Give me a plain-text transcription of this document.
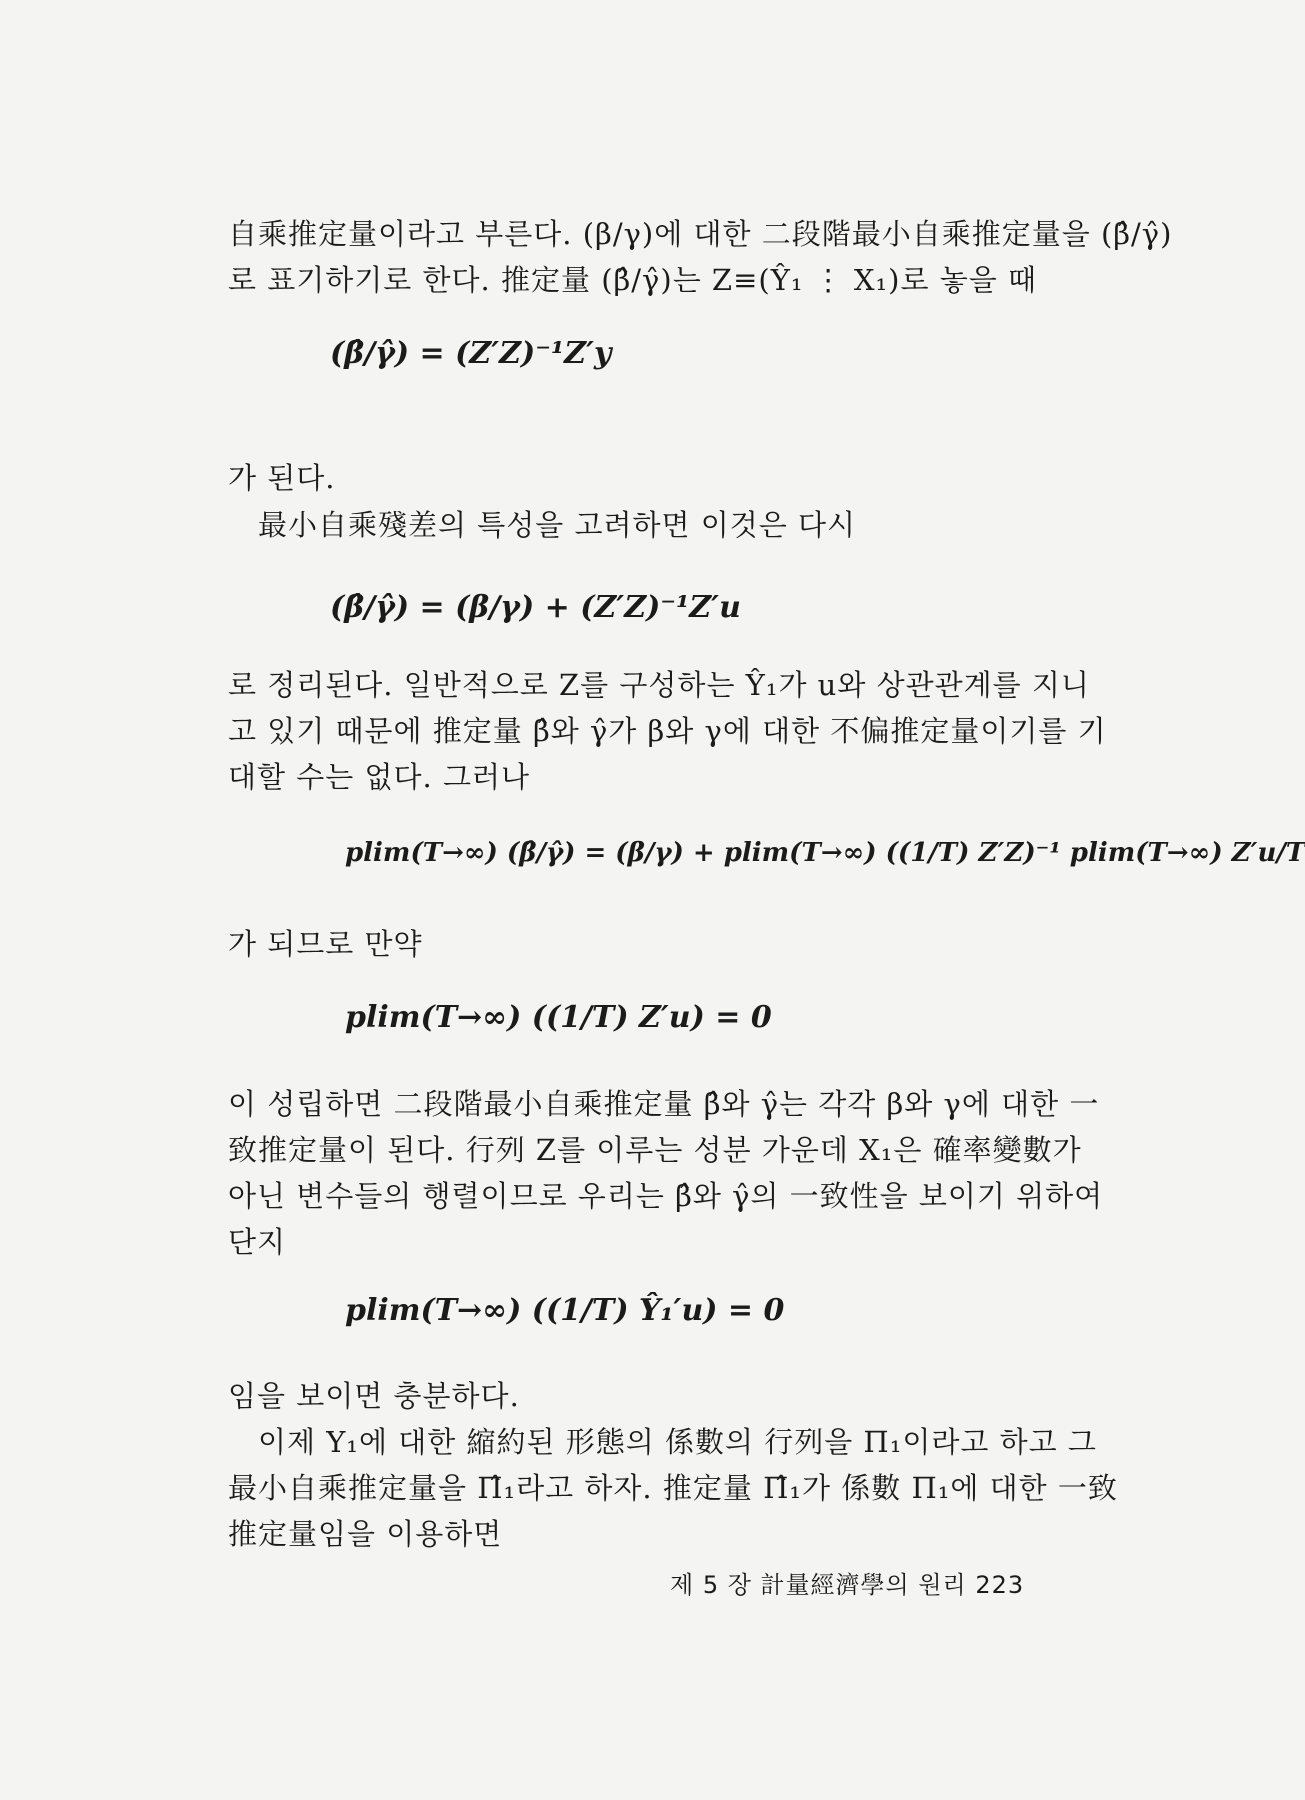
自乘推定量이라고 부른다. (β/γ)에 대한 二段階最小自乘推定量을 (β̂/γ̂)
로 표기하기로 한다. 推定量 (β̂/γ̂)는 Z≡(Ŷ₁ ⋮ X₁)로 놓을 때
(β̂/γ̂) = (Z′Z)⁻¹Z′y
가 된다.
最小自乘殘差의 특성을 고려하면 이것은 다시
(β̂/γ̂) = (β/γ) + (Z′Z)⁻¹Z′u
로 정리된다. 일반적으로 Z를 구성하는 Ŷ₁가 u와 상관관계를 지니
고 있기 때문에 推定量 β̂와 γ̂가 β와 γ에 대한 不偏推定量이기를 기
대할 수는 없다. 그러나
plim(T→∞) (β̂/γ̂) = (β/γ) + plim(T→∞) ((1/T) Z′Z)⁻¹ plim(T→∞) Z′u/T
가 되므로 만약
plim(T→∞) ((1/T) Z′u) = 0
이 성립하면 二段階最小自乘推定量 β̂와 γ̂는 각각 β와 γ에 대한 一
致推定量이 된다. 行列 Z를 이루는 성분 가운데 X₁은 確率變數가
아닌 변수들의 행렬이므로 우리는 β̂와 γ̂의 一致性을 보이기 위하여
단지
plim(T→∞) ((1/T) Ŷ₁′u) = 0
임을 보이면 충분하다.
이제 Y₁에 대한 縮約된 形態의 係數의 行列을 Π₁이라고 하고 그
最小自乘推定量을 Π̂₁라고 하자. 推定量 Π̂₁가 係數 Π₁에 대한 一致
推定量임을 이용하면
제 5 장 計量經濟學의 원리 223
